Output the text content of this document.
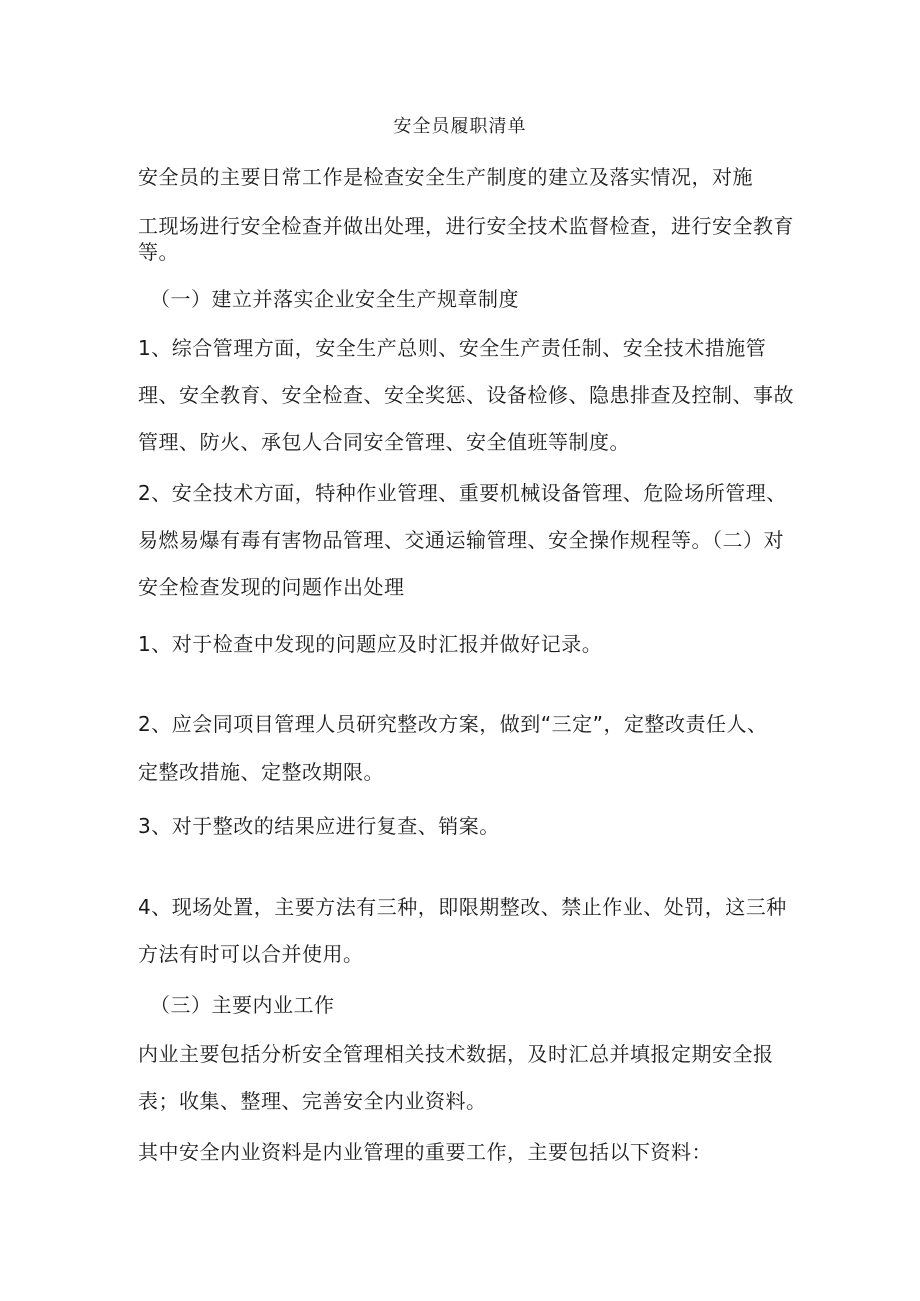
安全员履职清单
安全员的主要日常工作是检查安全生产制度的建立及落实情况，对施
工现场进行安全检查并做出处理，进行安全技术监督检查，进行安全教育
等。
（一）建立并落实企业安全生产规章制度
1、综合管理方面，安全生产总则、安全生产责任制、安全技术措施管
理、安全教育、安全检查、安全奖惩、设备检修、隐患排查及控制、事故
管理、防火、承包人合同安全管理、安全值班等制度。
2、安全技术方面，特种作业管理、重要机械设备管理、危险场所管理、
易燃易爆有毒有害物品管理、交通运输管理、安全操作规程等。（二）对
安全检查发现的问题作出处理
1、对于检查中发现的问题应及时汇报并做好记录。
2、应会同项目管理人员研究整改方案，做到“三定”，定整改责任人、
定整改措施、定整改期限。
3、对于整改的结果应进行复查、销案。
4、现场处置，主要方法有三种，即限期整改、禁止作业、处罚，这三种
方法有时可以合并使用。
（三）主要内业工作
内业主要包括分析安全管理相关技术数据，及时汇总并填报定期安全报
表；收集、整理、完善安全内业资料。
其中安全内业资料是内业管理的重要工作，主要包括以下资料：
